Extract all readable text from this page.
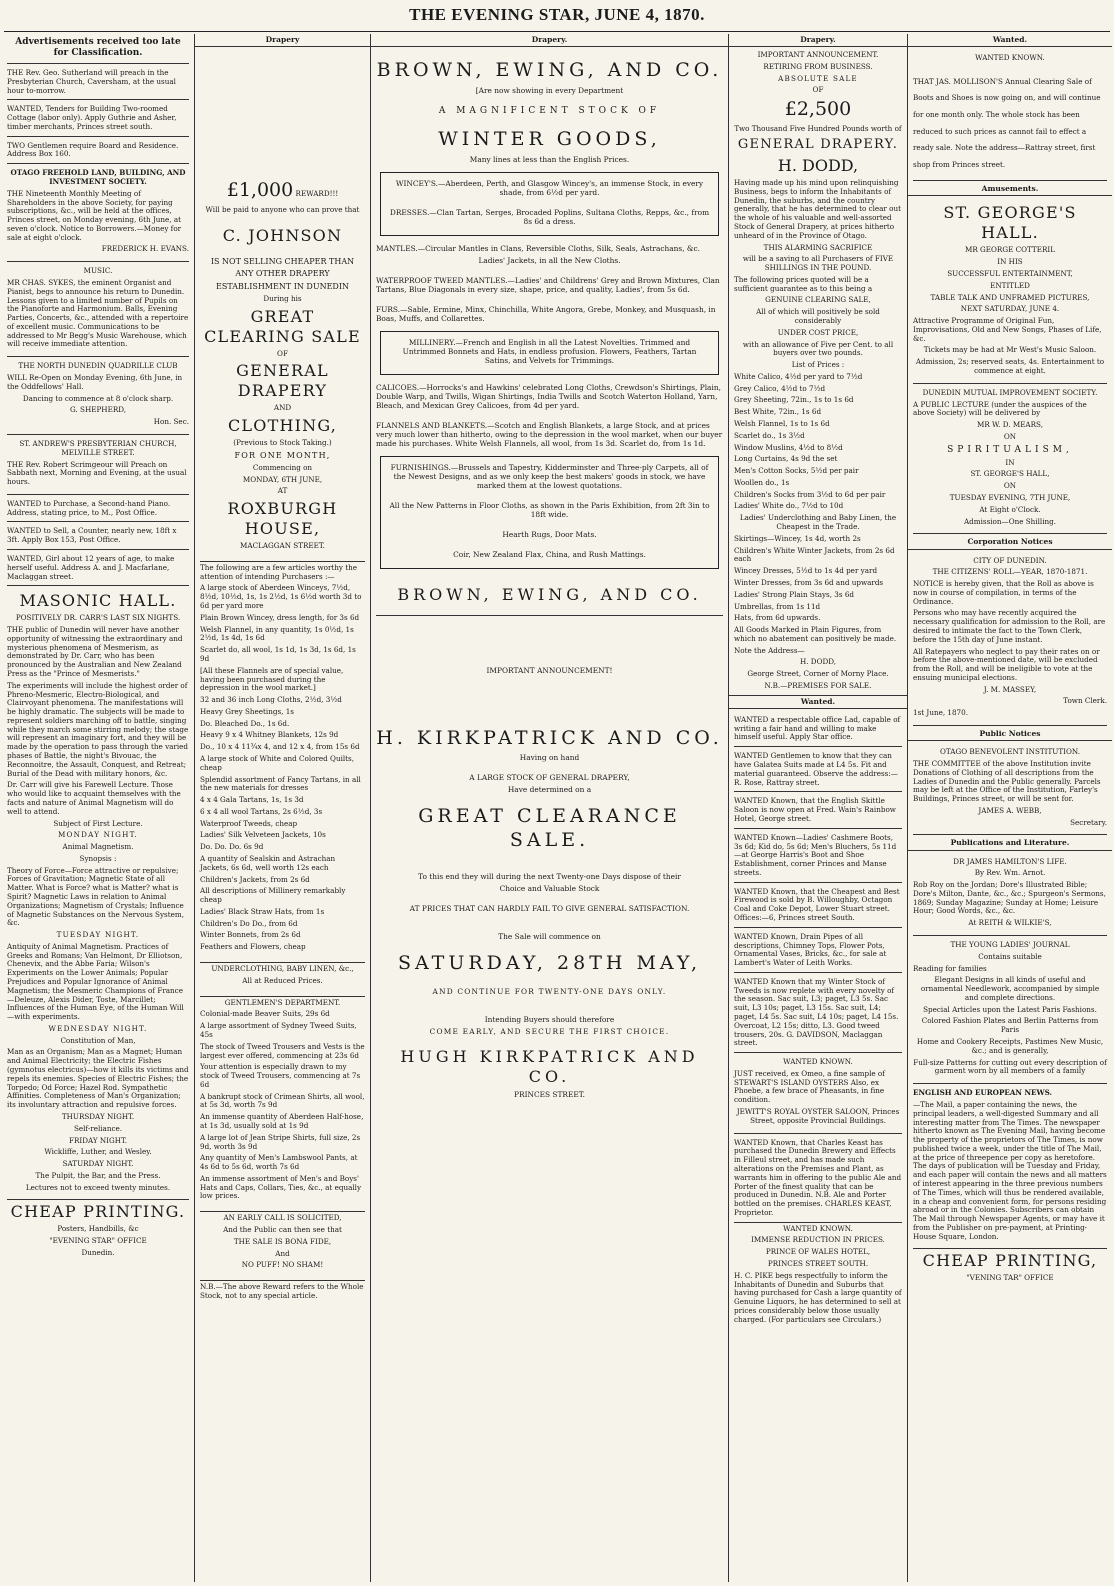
THE EVENING STAR, JUNE 4, 1870.
Advertisements received too late for Classification.
THE Rev. Geo. Sutherland will preach in the Presbyterian Church, Caversham, at the usual hour to-morrow.
WANTED, Tenders for Building Two-roomed Cottage (labor only). Apply Guthrie and Asher, timber merchants, Princes street south.
TWO Gentlemen require Board and Residence. Address Box 160.

OTAGO FREEHOLD LAND, BUILDING, AND INVESTMENT SOCIETY.

THE Nineteenth Monthly Meeting of Shareholders in the above Society, for paying subscriptions, &c., will be held at the offices, Princes street, on Monday evening, 6th June, at seven o'clock. Notice to Borrowers.—Money for sale at eight o'clock.

FREDERICK H. EVANS.

MUSIC.

MR CHAS. SYKES, the eminent Organist and Pianist, begs to announce his return to Dunedin. Lessons given to a limited number of Pupils on the Pianoforte and Harmonium. Balls, Evening Parties, Concerts, &c., attended with a repertoire of excellent music. Communications to be addressed to Mr Begg's Music Warehouse, which will receive immediate attention.

THE NORTH DUNEDIN QUADRILLE CLUB

WILL Re-Open on Monday Evening, 6th June, in the Oddfellows' Hall.

Dancing to commence at 8 o'clock sharp.

G. SHEPHERD,

Hon. Sec.

ST. ANDREW'S PRESBYTERIAN CHURCH, MELVILLE STREET.

THE Rev. Robert Scrimgeour will Preach on Sabbath next, Morning and Evening, at the usual hours.

WANTED to Purchase, a Second-hand Piano. Address, stating price, to M., Post Office.
WANTED to Sell, a Counter, nearly new, 18ft x 3ft. Apply Box 153, Post Office.
WANTED, Girl about 12 years of age, to make herself useful. Address A. and J. Macfarlane, Maclaggan street.

MASONIC HALL.

POSITIVELY DR. CARR'S LAST SIX NIGHTS.

THE public of Dunedin will never have another opportunity of witnessing the extraordinary and mysterious phenomena of Mesmerism, as demonstrated by Dr. Carr, who has been pronounced by the Australian and New Zealand Press as the "Prince of Mesmerists."

The experiments will include the highest order of Phreno-Mesmeric, Electro-Biological, and Clairvoyant phenomena. The manifestations will be highly dramatic. The subjects will be made to represent soldiers marching off to battle, singing while they march some stirring melody; the stage will represent an imaginary fort, and they will be made by the operation to pass through the varied phases of Battle, the night's Bivouac, the Reconnoitre, the Assault, Conquest, and Retreat; Burial of the Dead with military honors, &c.

Dr. Carr will give his Farewell Lecture. Those who would like to acquaint themselves with the facts and nature of Animal Magnetism will do well to attend.

Subject of First Lecture.

MONDAY NIGHT.

Animal Magnetism.

Synopsis :

Theory of Force—Force attractive or repulsive; Forces of Gravitation; Magnetic State of all Matter. What is Force? what is Matter? what is Spirit? Magnetic Laws in relation to Animal Organizations; Magnetism of Crystals; Influence of Magnetic Substances on the Nervous System, &c.

TUESDAY NIGHT.

Antiquity of Animal Magnetism. Practices of Greeks and Romans; Van Helmont, Dr Elliotson, Chenevix, and the Abbe Faria; Wilson's Experiments on the Lower Animals; Popular Prejudices and Popular Ignorance of Animal Magnetism; the Mesmeric Champions of France—Deleuze, Alexis Dider, Toste, Marcillet; Influences of the Human Eye, of the Human Will—with experiments.

WEDNESDAY NIGHT.

Constitution of Man,

Man as an Organism; Man as a Magnet; Human and Animal Electricity; the Electric Fishes (gymnotus electricus)—how it kills its victims and repels its enemies. Species of Electric Fishes; the Torpedo; Od Force; Hazel Rod. Sympathetic Affinities. Completeness of Man's Organization; its involuntary attraction and repulsive forces.

THURSDAY NIGHT.

Self-reliance.

FRIDAY NIGHT.

Wickliffe, Luther, and Wesley.

SATURDAY NIGHT.

The Pulpit, the Bar, and the Press.

Lectures not to exceed twenty minutes.

CHEAP PRINTING.

Posters, Handbills, &c

"EVENING STAR" OFFICE

Dunedin.

Drapery

£1,000 REWARD!!!

Will be paid to anyone who can prove that

C. JOHNSON

IS NOT SELLING CHEAPER THAN

ANY OTHER DRAPERY

ESTABLISHMENT IN DUNEDIN

During his

GREAT CLEARING SALE

OF

GENERAL DRAPERY

AND

CLOTHING,

(Previous to Stock Taking.)

FOR ONE MONTH,

Commencing on

MONDAY, 6TH JUNE,

AT

ROXBURGH HOUSE,

MACLAGGAN STREET.

The following are a few articles worthy the attention of intending Purchasers :—

A large stock of Aberdeen Winceys, 7½d, 8½d, 10½d, 1s, 1s 2½d, 1s 6½d worth 3d to 6d per yard more

Plain Brown Wincey, dress length, for 3s 6d

Welsh Flannel, in any quantity, 1s 0½d, 1s 2½d, 1s 4d, 1s 6d

Scarlet do, all wool, 1s 1d, 1s 3d, 1s 6d, 1s 9d

[All these Flannels are of special value, having been purchased during the depression in the wool market.]

32 and 36 inch Long Cloths, 2½d, 3½d

Heavy Grey Sheetings, 1s

Do. Bleached Do., 1s 6d.

Heavy 9 x 4 Whitney Blankets, 12s 9d

Do., 10 x 4 11¾x 4, and 12 x 4, from 15s 6d

A large stock of White and Colored Quilts, cheap

Splendid assortment of Fancy Tartans, in all the new materials for dresses

4 x 4 Gala Tartans, 1s, 1s 3d

6 x 4 all wool Tartans, 2s 6½d, 3s

Waterproof Tweeds, cheap

Ladies' Silk Velveteen Jackets, 10s

Do. Do. Do. 6s 9d

A quantity of Sealskin and Astrachan Jackets, 6s 6d, well worth 12s each

Children's Jackets, from 2s 6d

All descriptions of Millinery remarkably cheap

Ladies' Black Straw Hats, from 1s

Children's Do Do., from 6d

Winter Bonnets, from 2s 6d

Feathers and Flowers, cheap

UNDERCLOTHING, BABY LINEN, &c.,

All at Reduced Prices.

GENTLEMEN'S DEPARTMENT.

Colonial-made Beaver Suits, 29s 6d

A large assortment of Sydney Tweed Suits, 45s

The stock of Tweed Trousers and Vests is the largest ever offered, commencing at 23s 6d

Your attention is especially drawn to my stock of Tweed Trousers, commencing at 7s 6d

A bankrupt stock of Crimean Shirts, all wool, at 5s 3d, worth 7s 9d

An immense quantity of Aberdeen Half-hose, at 1s 3d, usually sold at 1s 9d

A large lot of Jean Stripe Shirts, full size, 2s 9d, worth 3s 9d

Any quantity of Men's Lambswool Pants, at 4s 6d to 5s 6d, worth 7s 6d

An immense assortment of Men's and Boys' Hats and Caps, Collars, Ties, &c., at equally low prices.

AN EARLY CALL IS SOLICITED,

And the Public can then see that

THE SALE IS BONA FIDE,

And

NO PUFF! NO SHAM!

N.B.—The above Reward refers to the Whole Stock, not to any special article.

Drapery.

BROWN, EWING, AND CO.

[Are now showing in every Department

A MAGNIFICENT STOCK OF

WINTER GOODS,

Many lines at less than the English Prices.

WINCEY'S.—Aberdeen, Perth, and Glasgow Wincey's, an immense Stock, in every shade, from 6½d per yard.

DRESSES.—Clan Tartan, Serges, Brocaded Poplins, Sultana Cloths, Repps, &c., from 8s 6d a dress.

MANTLES.—Circular Mantles in Clans, Reversible Cloths, Silk, Seals, Astrachans, &c.

Ladies' Jackets, in all the New Cloths.

WATERPROOF TWEED MANTLES.—Ladies' and Childrens' Grey and Brown Mixtures, Clan Tartans, Blue Diagonals in every size, shape, price, and quality, Ladies', from 5s 6d.

FURS.—Sable, Ermine, Minx, Chinchilla, White Angora, Grebe, Monkey, and Musquash, in Boas, Muffs, and Collarettes.

MILLINERY.—French and English in all the Latest Novelties. Trimmed and Untrimmed Bonnets and Hats, in endless profusion. Flowers, Feathers, Tartan Satins, and Velvets for Trimmings.

CALICOES.—Horrocks's and Hawkins' celebrated Long Cloths, Crewdson's Shirtings, Plain, Double Warp, and Twills, Wigan Shirtings, India Twills and Scotch Waterton Holland, Yarn, Bleach, and Mexican Grey Calicoes, from 4d per yard.

FLANNELS AND BLANKETS.—Scotch and English Blankets, a large Stock, and at prices very much lower than hitherto, owing to the depression in the wool market, when our buyer made his purchases. White Welsh Flannels, all wool, from 1s 3d. Scarlet do, from 1s 1d.

FURNISHINGS.—Brussels and Tapestry, Kidderminster and Three-ply Carpets, all of the Newest Designs, and as we only keep the best makers' goods in stock, we have marked them at the lowest quotations.

All the New Patterns in Floor Cloths, as shown in the Paris Exhibition, from 2ft 3in to 18ft wide.

Hearth Rugs, Door Mats.

Coir, New Zealand Flax, China, and Rush Mattings.

BROWN, EWING, AND CO.

IMPORTANT ANNOUNCEMENT!

H. KIRKPATRICK AND CO.

Having on hand

A LARGE STOCK OF GENERAL DRAPERY,

Have determined on a

GREAT CLEARANCE SALE.

To this end they will during the next Twenty-one Days dispose of their

Choice and Valuable Stock

AT PRICES THAT CAN HARDLY FAIL TO GIVE GENERAL SATISFACTION.

The Sale will commence on

SATURDAY, 28TH MAY,

AND CONTINUE FOR TWENTY-ONE DAYS ONLY.

Intending Buyers should therefore

COME EARLY, AND SECURE THE FIRST CHOICE.

HUGH KIRKPATRICK AND CO.

PRINCES STREET.

Drapery.

IMPORTANT ANNOUNCEMENT.

RETIRING FROM BUSINESS.

ABSOLUTE SALE

OF

£2,500

Two Thousand Five Hundred Pounds worth of

GENERAL DRAPERY.

H. DODD,

Having made up his mind upon relinquishing Business, begs to inform the Inhabitants of Dunedin, the suburbs, and the country generally, that he has determined to clear out the whole of his valuable and well-assorted Stock of General Drapery, at prices hitherto unheard of in the Province of Otago.

THIS ALARMING SACRIFICE

will be a saving to all Purchasers of FIVE SHILLINGS IN THE POUND.

The following prices quoted will be a sufficient guarantee as to this being a

GENUINE CLEARING SALE,

All of which will positively be sold considerably

UNDER COST PRICE,

with an allowance of Five per Cent. to all buyers over two pounds.

List of Prices :

White Calico, 4½d per yard to 7½d

Grey Calico, 4½d to 7½d

Grey Sheeting, 72in., 1s to 1s 6d

Best White, 72in., 1s 6d

Welsh Flannel, 1s to 1s 6d

Scarlet do., 1s 3½d

Window Muslins, 4½d to 8½d

Long Curtains, 4s 9d the set

Men's Cotton Socks, 5½d per pair

Woollen do., 1s

Children's Socks from 3½d to 6d per pair

Ladies' White do., 7½d to 10d

Ladies' Underclothing and Baby Linen, the Cheapest in the Trade.

Skirtings—Wincey, 1s 4d, worth 2s

Children's White Winter Jackets, from 2s 6d each

Wincey Dresses, 5½d to 1s 4d per yard

Winter Dresses, from 3s 6d and upwards

Ladies' Strong Plain Stays, 3s 6d

Umbrellas, from 1s 11d

Hats, from 6d upwards.

All Goods Marked in Plain Figures, from which no abatement can positively be made.

Note the Address—

H. DODD,

George Street, Corner of Morny Place.

N.B.—PREMISES FOR SALE.

Wanted.
WANTED a respectable office Lad, capable of writing a fair hand and willing to make himself useful. Apply Star office.
WANTED Gentlemen to know that they can have Galatea Suits made at L4 5s. Fit and material guaranteed. Observe the address:—R. Rose, Rattray street.
WANTED Known, that the English Skittle Saloon is now open at Fred. Wain's Rainbow Hotel, George street.
WANTED Known—Ladies' Cashmere Boots, 3s 6d; Kid do, 5s 6d; Men's Bluchers, 5s 11d—at George Harris's Boot and Shoe Establishment, corner Princes and Manse streets.
WANTED Known, that the Cheapest and Best Firewood is sold by B. Willoughby, Octagon Coal and Coke Depot, Lower Stuart street. Offices:—6, Princes street South.
WANTED Known, Drain Pipes of all descriptions, Chimney Tops, Flower Pots, Ornamental Vases, Bricks, &c., for sale at Lambert's Water of Leith Works.
WANTED Known that my Winter Stock of Tweeds is now replete with every novelty of the season. Sac suit, L3; paget, L3 5s. Sac suit, L3 10s; paget, L3 15s. Sac suit, L4; paget, L4 5s. Sac suit, L4 10s; paget, L4 15s. Overcoat, L2 15s; ditto, L3. Good tweed trousers, 20s. G. DAVIDSON, Maclaggan street.

WANTED KNOWN.

JUST received, ex Omeo, a fine sample of STEWART'S ISLAND OYSTERS Also, ex Phoebe, a few brace of Pheasants, in fine condition.

JEWITT'S ROYAL OYSTER SALOON, Princes Street, opposite Provincial Buildings.

WANTED Known, that Charles Keast has purchased the Dunedin Brewery and Effects in Filleul street, and has made such alterations on the Premises and Plant, as warrants him in offering to the public Ale and Porter of the finest quality that can be produced in Dunedin. N.B. Ale and Porter bottled on the premises. CHARLES KEAST, Proprietor.

WANTED KNOWN.

IMMENSE REDUCTION IN PRICES.

PRINCE OF WALES HOTEL,

PRINCES STREET SOUTH.

H. C. PIKE begs respectfully to inform the Inhabitants of Dunedin and Suburbs that having purchased for Cash a large quantity of Genuine Liquors, he has determined to sell at prices considerably below those usually charged. (For particulars see Circulars.)

Wanted.

WANTED KNOWN.

THAT JAS. MOLLISON'S Annual Clearing Sale of Boots and Shoes is now going on, and will continue for one month only. The whole stock has been reduced to such prices as cannot fail to effect a ready sale. Note the address—Rattray street, first shop from Princes street.

Amusements.

ST. GEORGE'S HALL.

MR GEORGE COTTERIL

IN HIS

SUCCESSFUL ENTERTAINMENT,

ENTITLED

TABLE TALK AND UNFRAMED PICTURES,

NEXT SATURDAY, JUNE 4.

Attractive Programme of Original Fun, Improvisations, Old and New Songs, Phases of Life, &c.

Tickets may be had at Mr West's Music Saloon.

Admission, 2s; reserved seats, 4s. Entertainment to commence at eight.

DUNEDIN MUTUAL IMPROVEMENT SOCIETY.

A PUBLIC LECTURE (under the auspices of the above Society) will be delivered by

MR W. D. MEARS,

ON

SPIRITUALISM,

IN

ST. GEORGE'S HALL,

ON

TUESDAY EVENING, 7TH JUNE,

At Eight o'Clock.

Admission—One Shilling.

Corporation Notices

CITY OF DUNEDIN.

THE CITIZENS' ROLL—YEAR, 1870-1871.

NOTICE is hereby given, that the Roll as above is now in course of compilation, in terms of the Ordinance.

Persons who may have recently acquired the necessary qualification for admission to the Roll, are desired to intimate the fact to the Town Clerk, before the 15th day of June instant.

All Ratepayers who neglect to pay their rates on or before the above-mentioned date, will be excluded from the Roll, and will be ineligible to vote at the ensuing municipal elections.

J. M. MASSEY,

Town Clerk.

1st June, 1870.

Public Notices

OTAGO BENEVOLENT INSTITUTION.

THE COMMITTEE of the above Institution invite Donations of Clothing of all descriptions from the Ladies of Dunedin and the Public generally. Parcels may be left at the Office of the Institution, Farley's Buildings, Princes street, or will be sent for.

JAMES A. WEBB,

Secretary.

Publications and Literature.

DR JAMES HAMILTON'S LIFE.

By Rev. Wm. Arnot.

Rob Roy on the Jordan; Dore's Illustrated Bible; Dore's Milton, Dante, &c., &c.; Spurgeon's Sermons, 1869; Sunday Magazine; Sunday at Home; Leisure Hour; Good Words, &c., &c.

At REITH & WILKIE'S,

THE YOUNG LADIES' JOURNAL

Contains suitable

Reading for families

Elegant Designs in all kinds of useful and ornamental Needlework, accompanied by simple and complete directions.

Special Articles upon the Latest Paris Fashions.

Colored Fashion Plates and Berlin Patterns from Paris

Home and Cookery Receipts, Pastimes New Music, &c.; and is generally,

Full-size Patterns for cutting out every description of garment worn by all members of a family

ENGLISH AND EUROPEAN NEWS.

—The Mail, a paper containing the news, the principal leaders, a well-digested Summary and all interesting matter from The Times. The newspaper hitherto known as The Evening Mail, having become the property of the proprietors of The Times, is now published twice a week, under the title of The Mail, at the price of threepence per copy as heretofore. The days of publication will be Tuesday and Friday, and each paper will contain the news and all matters of interest appearing in the three previous numbers of The Times, which will thus be rendered available, in a cheap and convenient form, for persons residing abroad or in the Colonies. Subscribers can obtain The Mail through Newspaper Agents, or may have it from the Publisher on pre-payment, at Printing-House Square, London.

CHEAP PRINTING,

"VENING TAR" OFFICE
